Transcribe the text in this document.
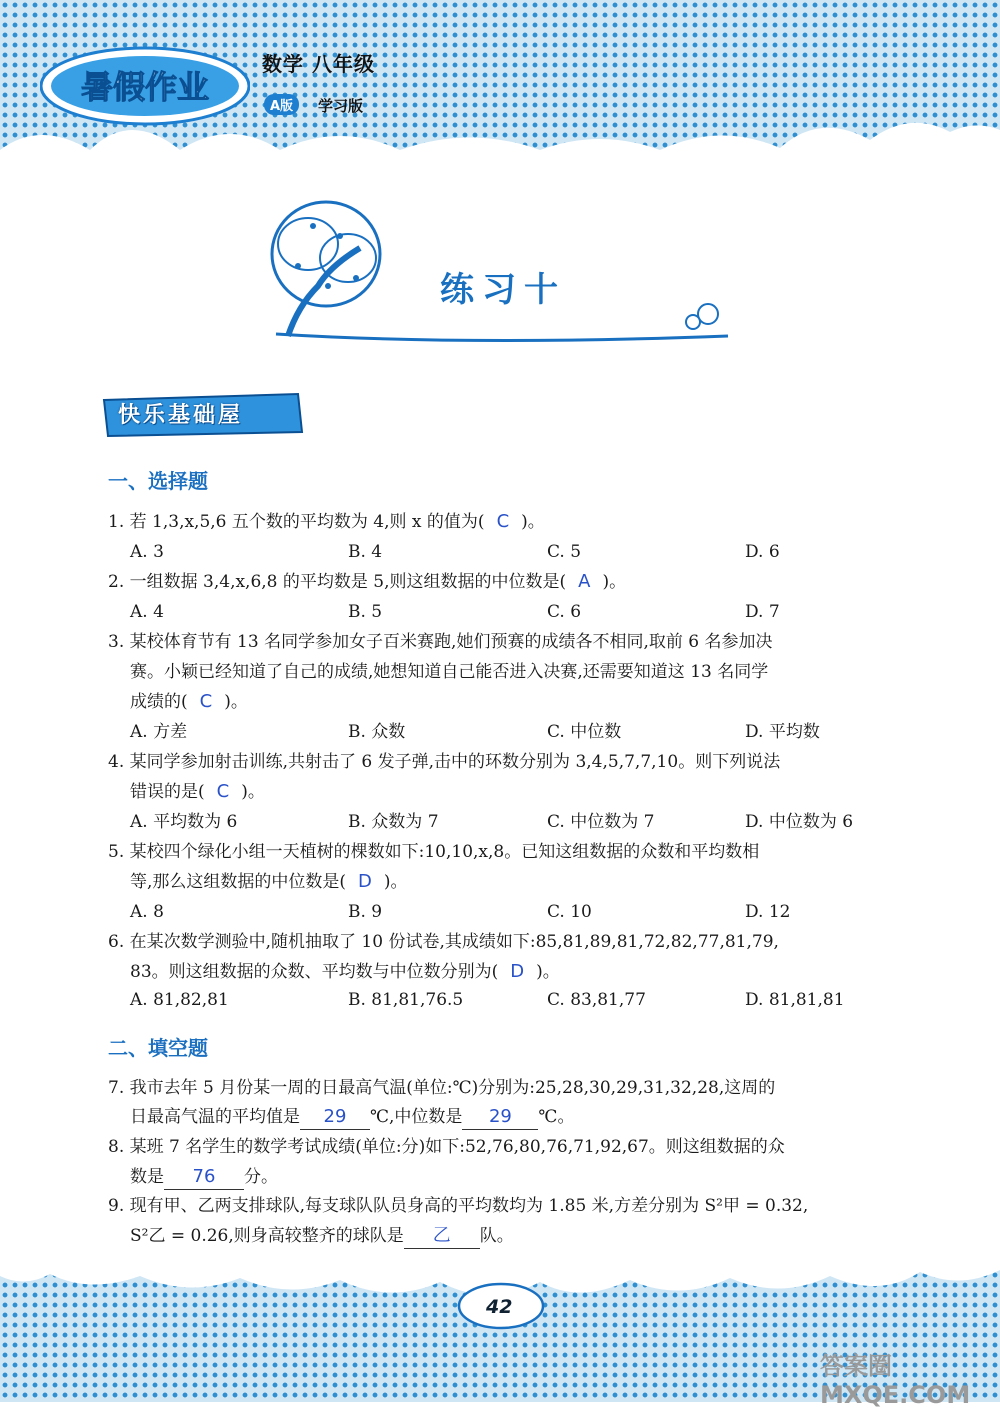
暑假作业
数学 八年级
A版	学习版
练习十
快乐基础屋
一、选择题
1. 若 1,3,x,5,6 五个数的平均数为 4,则 x 的值为( C )。
A. 3	B. 4	C. 5	D. 6
2. 一组数据 3,4,x,6,8 的平均数是 5,则这组数据的中位数是( A )。
A. 4	B. 5	C. 6	D. 7
3. 某校体育节有 13 名同学参加女子百米赛跑,她们预赛的成绩各不相同,取前 6 名参加决
赛。小颖已经知道了自己的成绩,她想知道自己能否进入决赛,还需要知道这 13 名同学
成绩的( C )。
A. 方差	B. 众数	C. 中位数	D. 平均数
4. 某同学参加射击训练,共射击了 6 发子弹,击中的环数分别为 3,4,5,7,7,10。则下列说法
错误的是( C )。
A. 平均数为 6	B. 众数为 7	C. 中位数为 7	D. 中位数为 6
5. 某校四个绿化小组一天植树的棵数如下:10,10,x,8。已知这组数据的众数和平均数相
等,那么这组数据的中位数是( D )。
A. 8	B. 9	C. 10	D. 12
6. 在某次数学测验中,随机抽取了 10 份试卷,其成绩如下:85,81,89,81,72,82,77,81,79,
83。则这组数据的众数、平均数与中位数分别为( D )。
A. 81,82,81	B. 81,81,76.5	C. 83,81,77	D. 81,81,81
二、填空题
7. 我市去年 5 月份某一周的日最高气温(单位:℃)分别为:25,28,30,29,31,32,28,这周的
日最高气温的平均值是 29 ℃,中位数是 29 ℃。
8. 某班 7 名学生的数学考试成绩(单位:分)如下:52,76,80,76,71,92,67。则这组数据的众
数是 76 分。
9. 现有甲、乙两支排球队,每支球队队员身高的平均数均为 1.85 米,方差分别为 S²甲 = 0.32,
S²乙 = 0.26,则身高较整齐的球队是 乙 队。
42
答案圈 MXQE.COM
